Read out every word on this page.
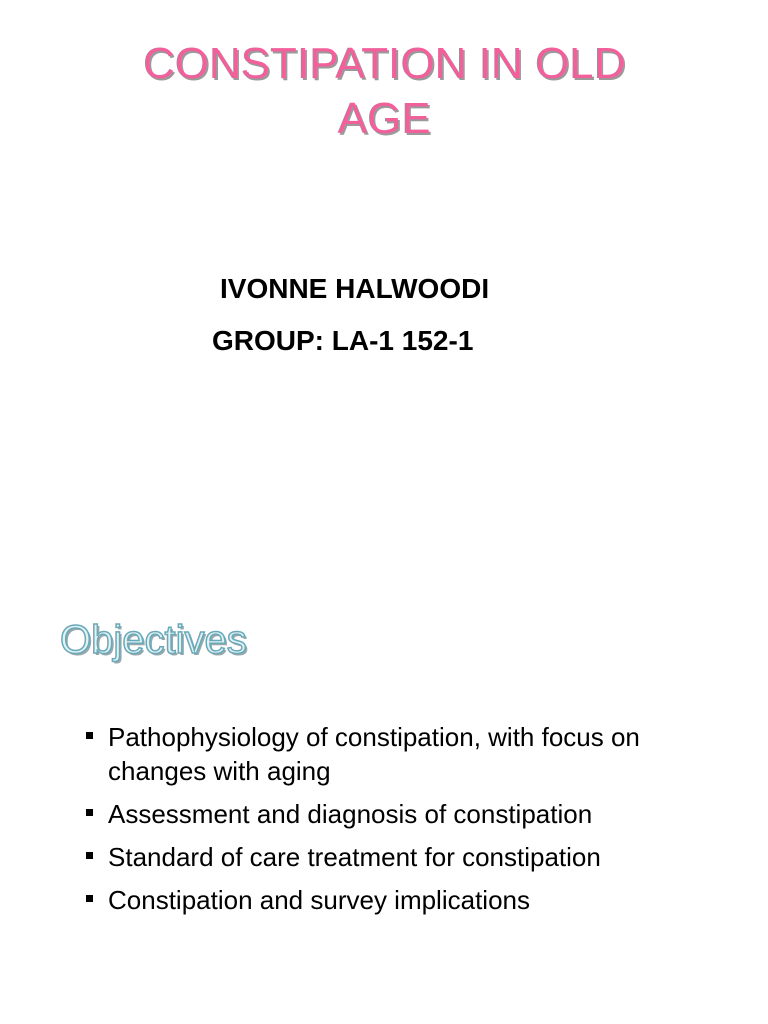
CONSTIPATION IN OLD
AGE
IVONNE HALWOODI
GROUP: LA-1 152-1
Objectives
Pathophysiology of constipation, with focus on
changes with aging
Assessment and diagnosis of constipation
Standard of care treatment for constipation
Constipation and survey implications
